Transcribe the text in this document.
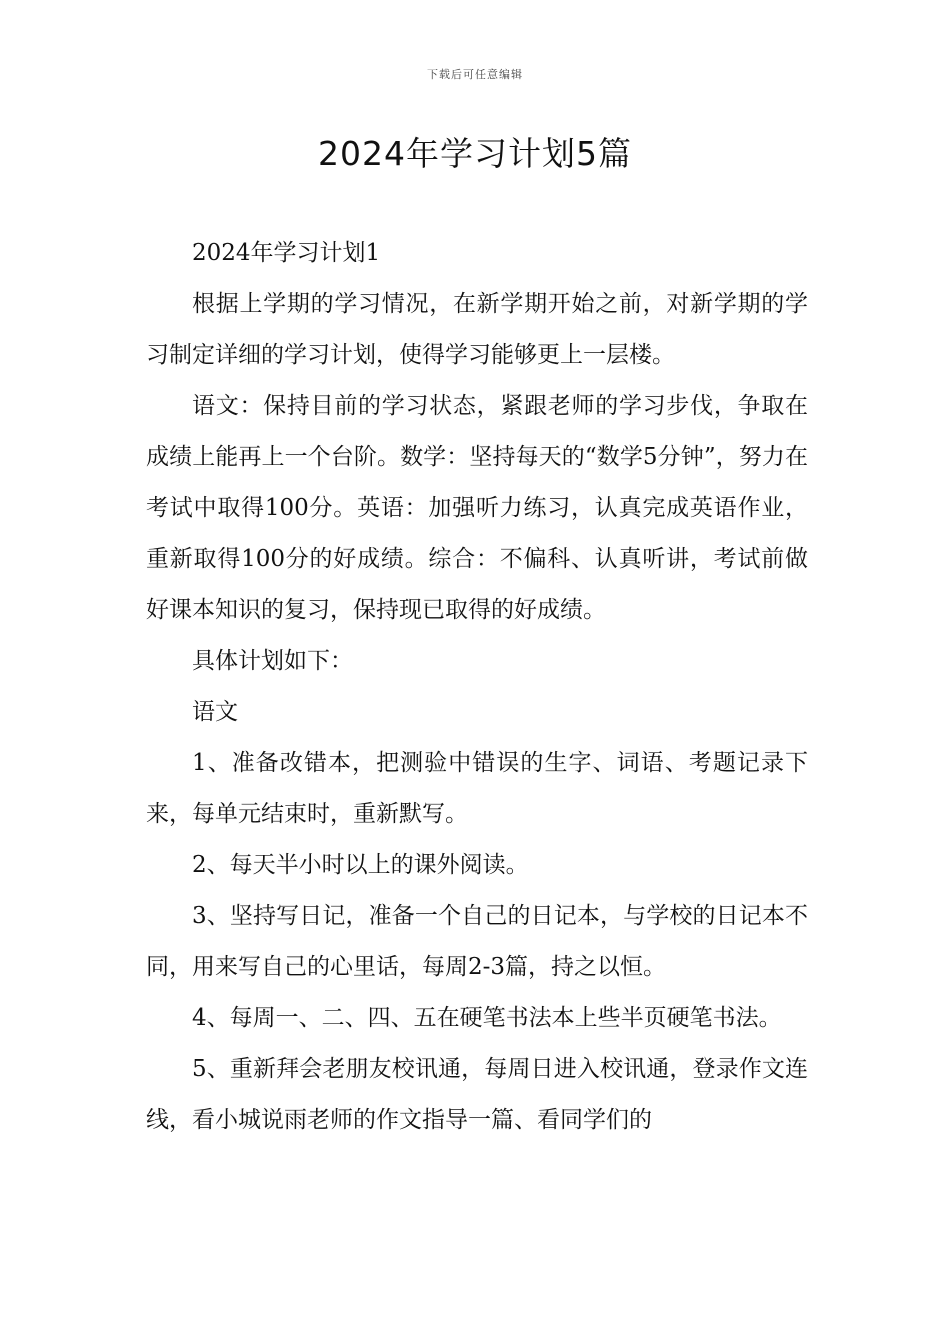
下载后可任意编辑
2024年学习计划5篇

2024年学习计划1

根据上学期的学习情况，在新学期开始之前，对新学期的学习制定详细的学习计划，使得学习能够更上一层楼。

语文：保持目前的学习状态，紧跟老师的学习步伐，争取在成绩上能再上一个台阶。数学：坚持每天的“数学5分钟”，努力在考试中取得100分。英语：加强听力练习，认真完成英语作业，重新取得100分的好成绩。综合：不偏科、认真听讲，考试前做好课本知识的复习，保持现已取得的好成绩。

具体计划如下：

语文

1、准备改错本，把测验中错误的生字、词语、考题记录下来，每单元结束时，重新默写。

2、每天半小时以上的课外阅读。

3、坚持写日记，准备一个自己的日记本，与学校的日记本不同，用来写自己的心里话，每周2-3篇，持之以恒。

4、每周一、二、四、五在硬笔书法本上些半页硬笔书法。

5、重新拜会老朋友校讯通，每周日进入校讯通，登录作文连线，看小城说雨老师的作文指导一篇、看同学们的
